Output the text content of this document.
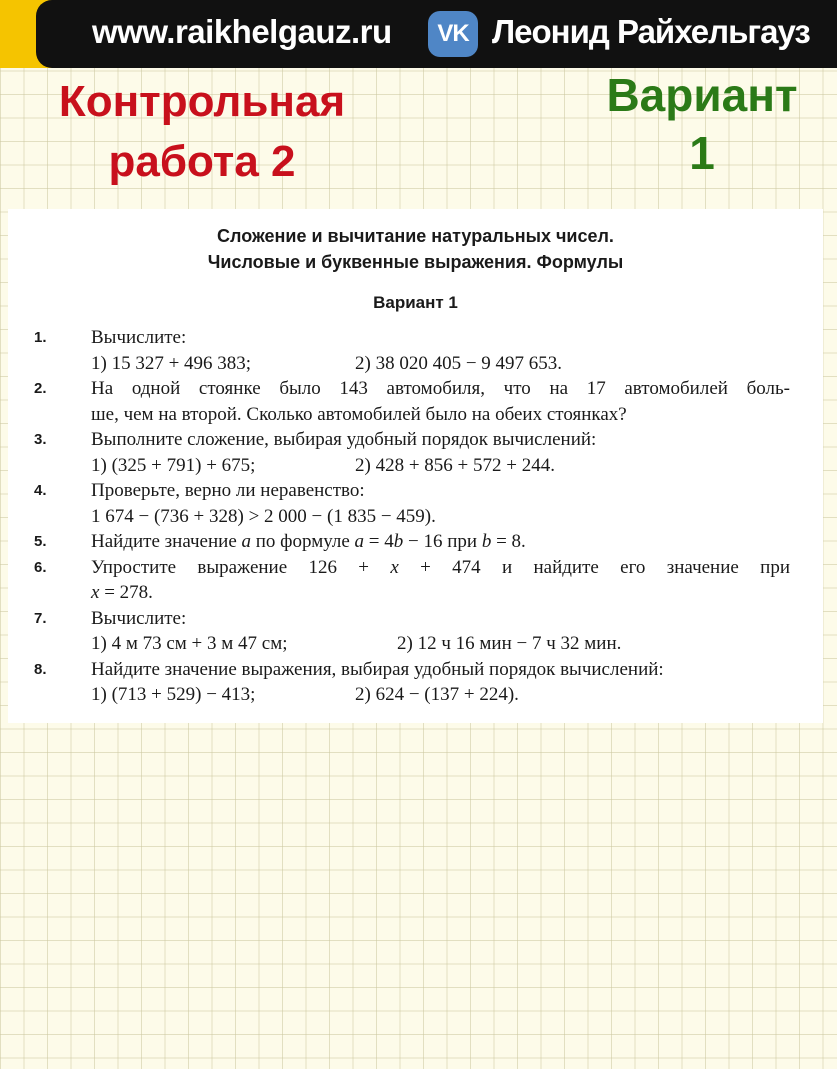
www.raikhelgauz.ru	VK Леонид Райхельгауз
Контрольная
работа 2
Вариант
1
Сложение и вычитание натуральных чисел.
Числовые и буквенные выражения. Формулы
Вариант 1
1. Вычислите:
1) 15 327 + 496 383;	2) 38 020 405 − 9 497 653.
2. На одной стоянке было 143 автомобиля, что на 17 автомобилей боль-
ше, чем на второй. Сколько автомобилей было на обеих стоянках?
3. Выполните сложение, выбирая удобный порядок вычислений:
1) (325 + 791) + 675;	2) 428 + 856 + 572 + 244.
4. Проверьте, верно ли неравенство:
1 674 − (736 + 328) > 2 000 − (1 835 − 459).
5. Найдите значение a по формуле a = 4b − 16 при b = 8.
6. Упростите выражение 126 + x + 474 и найдите его значение при
x = 278.
7. Вычислите:
1) 4 м 73 см + 3 м 47 см;	2) 12 ч 16 мин − 7 ч 32 мин.
8. Найдите значение выражения, выбирая удобный порядок вычислений:
1) (713 + 529) − 413;	2) 624 − (137 + 224).
